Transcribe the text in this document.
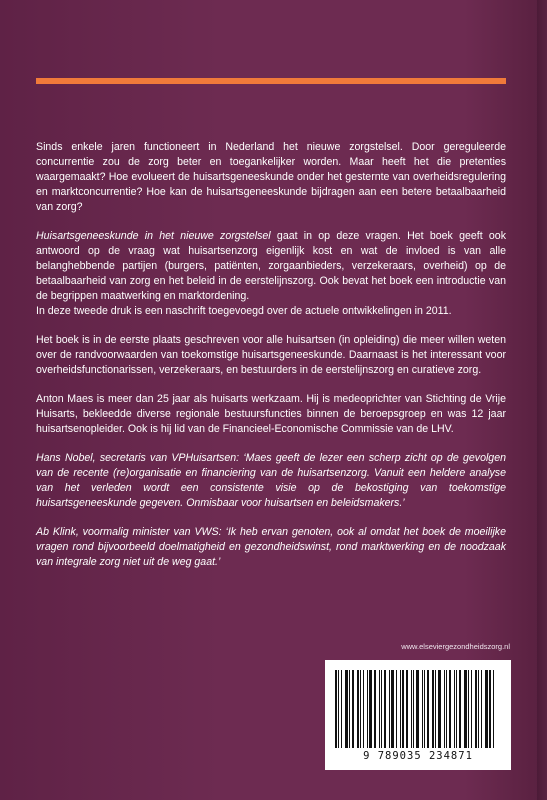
Sinds enkele jaren functioneert in Nederland het nieuwe zorgstelsel. Door gereguleerde concurrentie zou de zorg beter en toegankelijker worden. Maar heeft het die pretenties waargemaakt? Hoe evolueert de huisartsgeneeskunde onder het gesternte van overheidsregulering en marktconcurrentie? Hoe kan de huisartsgeneeskunde bijdragen aan een betere betaalbaarheid van zorg?

Huisartsgeneeskunde in het nieuwe zorgstelsel gaat in op deze vragen. Het boek geeft ook antwoord op de vraag wat huisartsenzorg eigenlijk kost en wat de invloed is van alle belanghebbende partijen (burgers, patiënten, zorgaanbieders, verzekeraars, overheid) op de betaalbaarheid van zorg en het beleid in de eerstelijnszorg. Ook bevat het boek een introductie van de begrippen maatwerking en marktordening.

In deze tweede druk is een naschrift toegevoegd over de actuele ontwikkelingen in 2011.

Het boek is in de eerste plaats geschreven voor alle huisartsen (in opleiding) die meer willen weten over de randvoorwaarden van toekomstige huisartsgeneeskunde. Daarnaast is het interessant voor overheidsfunctionarissen, verzekeraars, en bestuurders in de eerstelijnszorg en curatieve zorg.

Anton Maes is meer dan 25 jaar als huisarts werkzaam. Hij is medeoprichter van Stichting de Vrije Huisarts, bekleedde diverse regionale bestuursfuncties binnen de beroepsgroep en was 12 jaar huisartsenopleider. Ook is hij lid van de Financieel-Economische Commissie van de LHV.

Hans Nobel, secretaris van VPHuisartsen: ‘Maes geeft de lezer een scherp zicht op de gevolgen van de recente (re)organisatie en financiering van de huisartsenzorg. Vanuit een heldere analyse van het verleden wordt een consistente visie op de bekostiging van toekomstige huisartsgeneeskunde gegeven. Onmisbaar voor huisartsen en beleidsmakers.’

Ab Klink, voormalig minister van VWS: ‘Ik heb ervan genoten, ook al omdat het boek de moeilijke vragen rond bijvoorbeeld doelmatigheid en gezondheidswinst, rond marktwerking en de noodzaak van integrale zorg niet uit de weg gaat.’

www.elseviergezondheidszorg.nl
9 789035 234871
